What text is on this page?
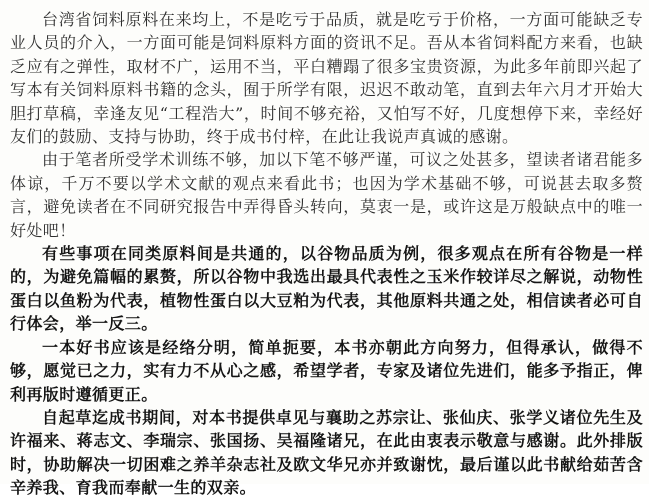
台湾省饲料原料在来均上，不是吃亏于品质，就是吃亏于价格，一方面可能缺乏专业人员的介入，一方面可能是饲料原料方面的资讯不足。吾从本省饲料配方来看，也缺乏应有之弹性，取材不广，运用不当，平白糟蹋了很多宝贵资源，为此多年前即兴起了写本有关饲料原料书籍的念头，囿于所学有限，迟迟不敢动笔，直到去年六月才开始大胆打草稿，幸逢友见“工程浩大”，时间不够充裕，又怕写不好，几度想停下来，幸经好友们的鼓励、支持与协助，终于成书付梓，在此让我说声真诚的感谢。

由于笔者所受学术训练不够，加以下笔不够严谨，可议之处甚多，望读者诸君能多体谅，千万不要以学术文献的观点来看此书；也因为学术基础不够，可说甚去取多赘言，避免读者在不同研究报告中弄得昏头转向，莫衷一是，或许这是万般缺点中的唯一好处吧！

有些事项在同类原料间是共通的，以谷物品质为例，很多观点在所有谷物是一样的，为避免篇幅的累赘，所以谷物中我选出最具代表性之玉米作较详尽之解说，动物性蛋白以鱼粉为代表，植物性蛋白以大豆粕为代表，其他原料共通之处，相信读者必可自行体会，举一反三。

一本好书应该是经络分明，简单扼要，本书亦朝此方向努力，但得承认，做得不够，愿觉已之力，实有力不从心之感，希望学者，专家及诸位先进们，能多予指正，俾利再版时遵循更正。

自起草迄成书期间，对本书提供卓见与襄助之苏宗让、张仙庆、张学义诸位先生及许福来、蒋志文、李瑞宗、张国扬、吴福隆诸兄，在此由衷表示敬意与感谢。此外排版时，协助解决一切困难之养羊杂志社及欧文华兄亦并致谢忱，最后谨以此书献给茹苦含辛养我、育我而奉献一生的双亲。
